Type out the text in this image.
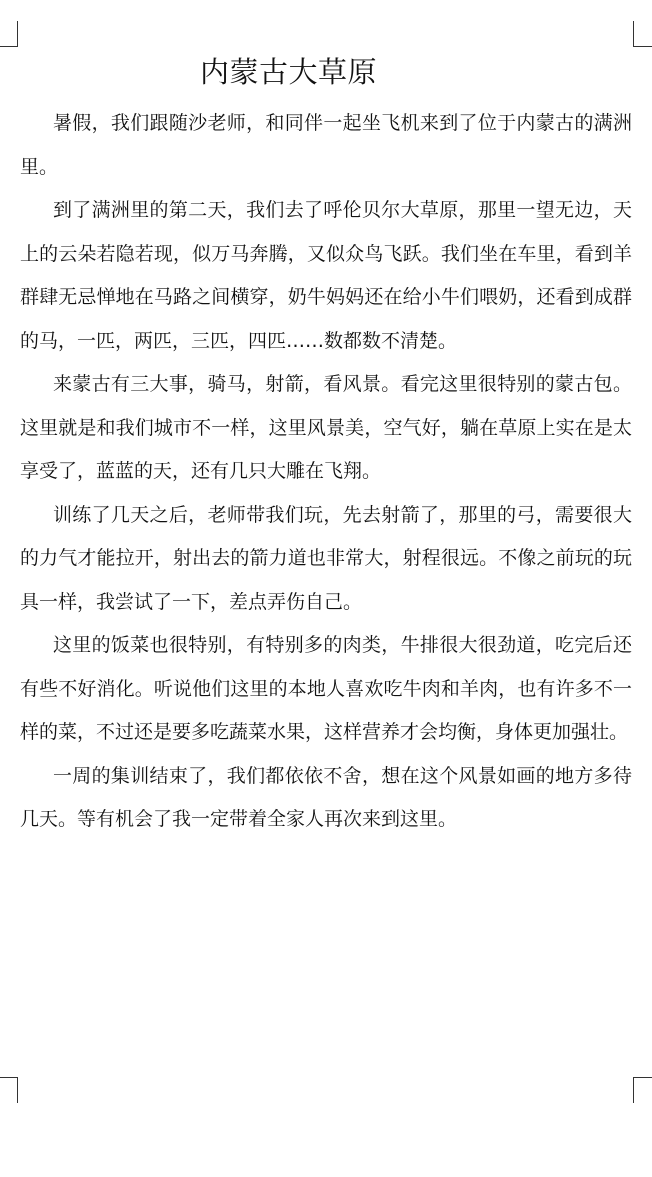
内蒙古大草原

暑假，我们跟随沙老师，和同伴一起坐飞机来到了位于内蒙古的满洲里。

到了满洲里的第二天，我们去了呼伦贝尔大草原，那里一望无边，天上的云朵若隐若现，似万马奔腾，又似众鸟飞跃。我们坐在车里，看到羊群肆无忌惮地在马路之间横穿，奶牛妈妈还在给小牛们喂奶，还看到成群的马，一匹，两匹，三匹，四匹……数都数不清楚。

来蒙古有三大事，骑马，射箭，看风景。看完这里很特别的蒙古包。这里就是和我们城市不一样，这里风景美，空气好，躺在草原上实在是太享受了，蓝蓝的天，还有几只大雕在飞翔。

训练了几天之后，老师带我们玩，先去射箭了，那里的弓，需要很大的力气才能拉开，射出去的箭力道也非常大，射程很远。不像之前玩的玩具一样，我尝试了一下，差点弄伤自己。

这里的饭菜也很特别，有特别多的肉类，牛排很大很劲道，吃完后还有些不好消化。听说他们这里的本地人喜欢吃牛肉和羊肉，也有许多不一样的菜，不过还是要多吃蔬菜水果，这样营养才会均衡，身体更加强壮。

一周的集训结束了，我们都依依不舍，想在这个风景如画的地方多待几天。等有机会了我一定带着全家人再次来到这里。
